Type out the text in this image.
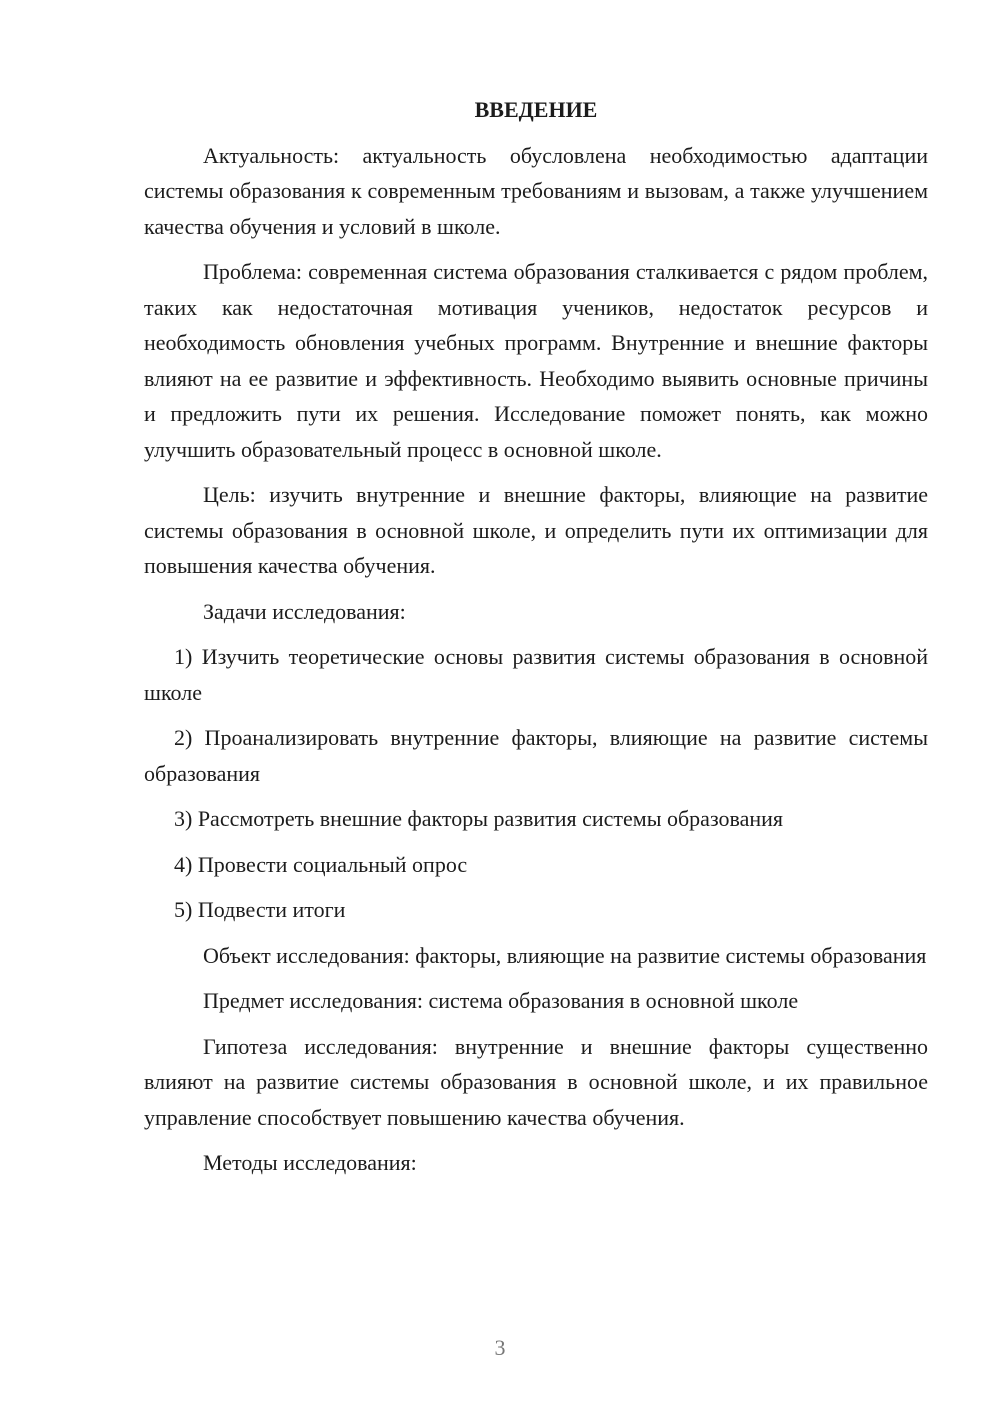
ВВЕДЕНИЕ

Актуальность: актуальность обусловлена необходимостью адаптации системы образования к современным требованиям и вызовам, а также улучшением качества обучения и условий в школе.

Проблема: современная система образования сталкивается с рядом проблем, таких как недостаточная мотивация учеников, недостаток ресурсов и необходимость обновления учебных программ. Внутренние и внешние факторы влияют на ее развитие и эффективность. Необходимо выявить основные причины и предложить пути их решения. Исследование поможет понять, как можно улучшить образовательный процесс в основной школе.

Цель: изучить внутренние и внешние факторы, влияющие на развитие системы образования в основной школе, и определить пути их оптимизации для повышения качества обучения.

Задачи исследования:

1) Изучить теоретические основы развития системы образования в основной школе
2) Проанализировать внутренние факторы, влияющие на развитие системы образования
3) Рассмотреть внешние факторы развития системы образования
4) Провести социальный опрос
5) Подвести итоги

Объект исследования: факторы, влияющие на развитие системы образования

Предмет исследования: система образования в основной школе

Гипотеза исследования: внутренние и внешние факторы существенно влияют на развитие системы образования в основной школе, и их правильное управление способствует повышению качества обучения.

Методы исследования:

3
